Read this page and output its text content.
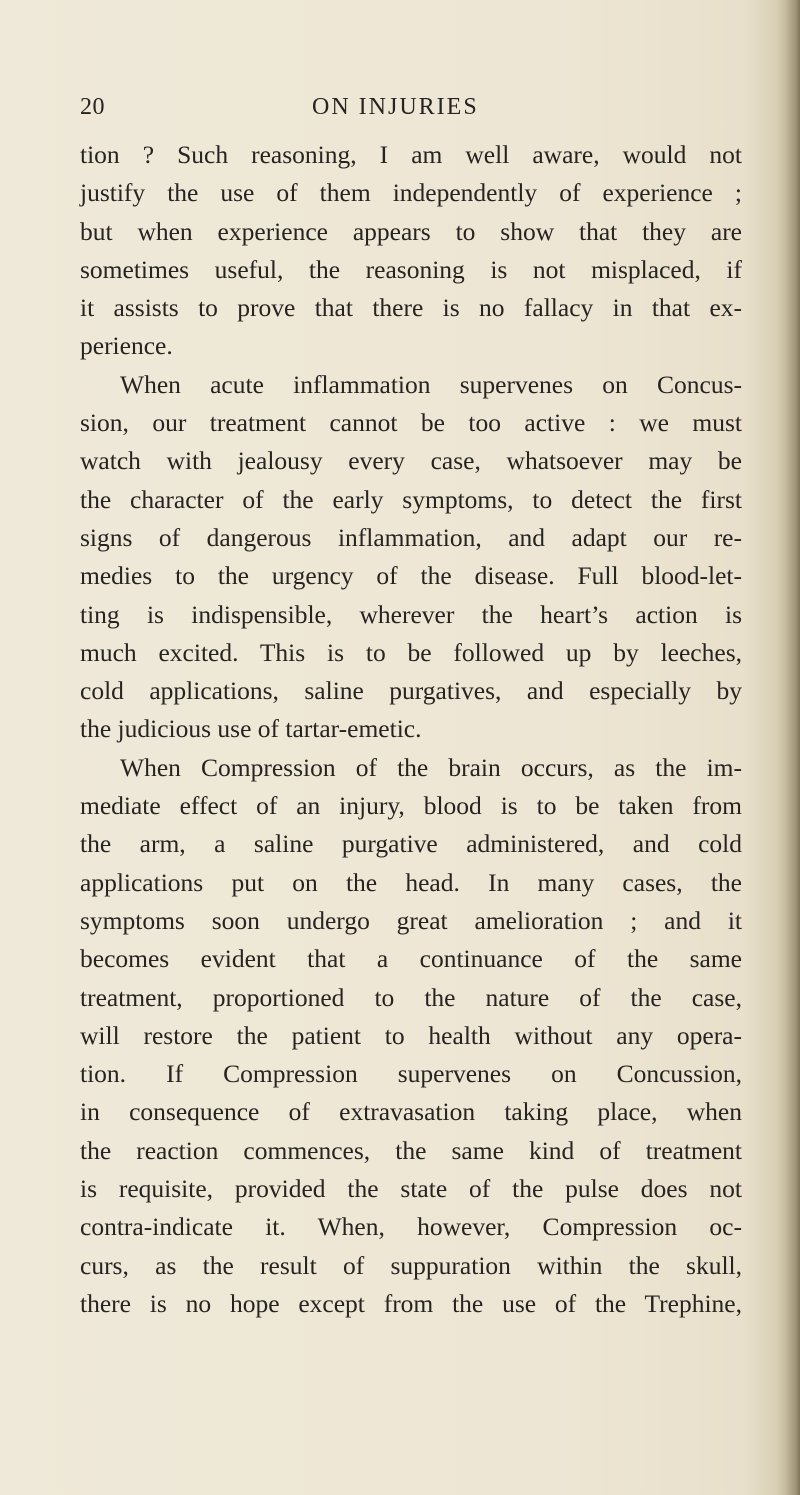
20	ON INJURIES
tion ? Such reasoning, I am well aware, would not
justify the use of them independently of experience ;
but when experience appears to show that they are
sometimes useful, the reasoning is not misplaced, if
it assists to prove that there is no fallacy in that ex-
perience.
When acute inflammation supervenes on Concus-
sion, our treatment cannot be too active : we must
watch with jealousy every case, whatsoever may be
the character of the early symptoms, to detect the first
signs of dangerous inflammation, and adapt our re-
medies to the urgency of the disease. Full blood-let-
ting is indispensible, wherever the heart’s action is
much excited. This is to be followed up by leeches,
cold applications, saline purgatives, and especially by
the judicious use of tartar-emetic.
When Compression of the brain occurs, as the im-
mediate effect of an injury, blood is to be taken from
the arm, a saline purgative administered, and cold
applications put on the head. In many cases, the
symptoms soon undergo great amelioration ; and it
becomes evident that a continuance of the same
treatment, proportioned to the nature of the case,
will restore the patient to health without any opera-
tion. If Compression supervenes on Concussion,
in consequence of extravasation taking place, when
the reaction commences, the same kind of treatment
is requisite, provided the state of the pulse does not
contra-indicate it. When, however, Compression oc-
curs, as the result of suppuration within the skull,
there is no hope except from the use of the Trephine,
